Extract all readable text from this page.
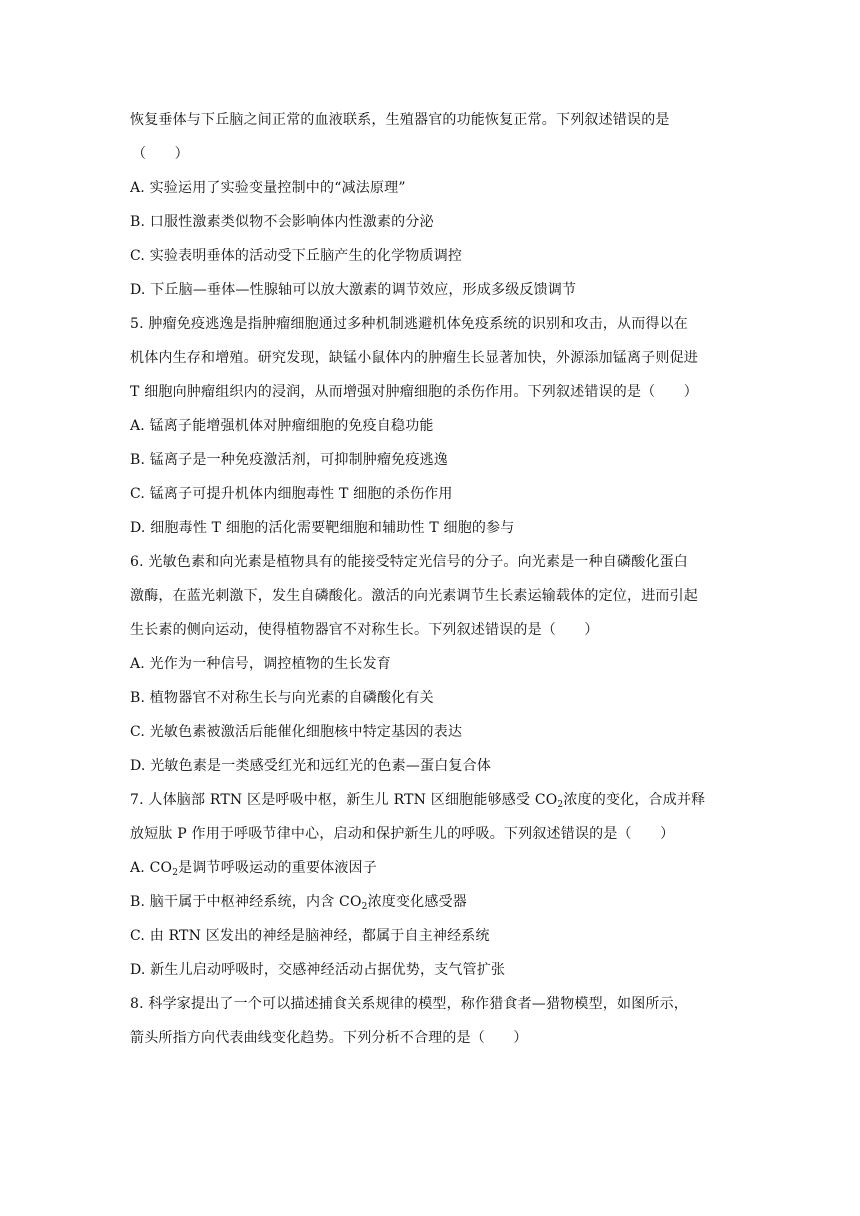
恢复垂体与下丘脑之间正常的血液联系，生殖器官的功能恢复正常。下列叙述错误的是
（　　）
A. 实验运用了实验变量控制中的“减法原理”
B. 口服性激素类似物不会影响体内性激素的分泌
C. 实验表明垂体的活动受下丘脑产生的化学物质调控
D. 下丘脑—垂体—性腺轴可以放大激素的调节效应，形成多级反馈调节
5. 肿瘤免疫逃逸是指肿瘤细胞通过多种机制逃避机体免疫系统的识别和攻击，从而得以在
机体内生存和增殖。研究发现，缺锰小鼠体内的肿瘤生长显著加快，外源添加锰离子则促进
T 细胞向肿瘤组织内的浸润，从而增强对肿瘤细胞的杀伤作用。下列叙述错误的是（　　）
A. 锰离子能增强机体对肿瘤细胞的免疫自稳功能
B. 锰离子是一种免疫激活剂，可抑制肿瘤免疫逃逸
C. 锰离子可提升机体内细胞毒性 T 细胞的杀伤作用
D. 细胞毒性 T 细胞的活化需要靶细胞和辅助性 T 细胞的参与
6. 光敏色素和向光素是植物具有的能接受特定光信号的分子。向光素是一种自磷酸化蛋白
激酶，在蓝光刺激下，发生自磷酸化。激活的向光素调节生长素运输载体的定位，进而引起
生长素的侧向运动，使得植物器官不对称生长。下列叙述错误的是（　　）
A. 光作为一种信号，调控植物的生长发育
B. 植物器官不对称生长与向光素的自磷酸化有关
C. 光敏色素被激活后能催化细胞核中特定基因的表达
D. 光敏色素是一类感受红光和远红光的色素—蛋白复合体
7. 人体脑部 RTN 区是呼吸中枢，新生儿 RTN 区细胞能够感受 $CO_2$浓度的变化，合成并释
放短肽 P 作用于呼吸节律中心，启动和保护新生儿的呼吸。下列叙述错误的是（　　）
A. $CO_2$是调节呼吸运动的重要体液因子
B. 脑干属于中枢神经系统，内含 $CO_2$浓度变化感受器
C. 由 RTN 区发出的神经是脑神经，都属于自主神经系统
D. 新生儿启动呼吸时，交感神经活动占据优势，支气管扩张
8. 科学家提出了一个可以描述捕食关系规律的模型，称作猎食者—猎物模型，如图所示，
箭头所指方向代表曲线变化趋势。下列分析不合理的是（　　）
